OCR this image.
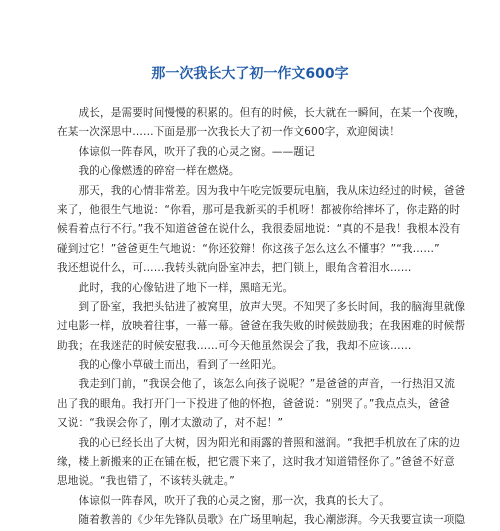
那一次我长大了初一作文600字
　　成长，是需要时间慢慢的积累的。但有的时候，长大就在一瞬间，在某一个夜晚，
在某一次深思中……下面是那一次我长大了初一作文600字，欢迎阅读！
　　体谅似一阵春风，吹开了我的心灵之窗。——题记
　　我的心像燃透的碎窑一样在燃烧。
　　那天，我的心情非常差。因为我中午吃完饭要玩电脑，我从床边经过的时候，爸爸
来了，他很生气地说：“你看，那可是我新买的手机呀！都被你给摔坏了，你走路的时
候看着点行不行。”我不知道爸爸在说什么，我很委屈地说：“真的不是我！我根本没有
碰到过它！”爸爸更生气地说：“你还狡辩！你这孩子怎么这么不懂事？”“我……”
我还想说什么，可……我转头就向卧室冲去，把门锁上，眼角含着泪水……
　　此时，我的心像钻进了地下一样，黑暗无光。
　　到了卧室，我把头钻进了被窝里，放声大哭。不知哭了多长时间，我的脑海里就像
过电影一样，放映着往事，一幕一幕。爸爸在我失败的时候鼓励我；在我困难的时候帮
助我；在我迷茫的时候安慰我……可今天他虽然误会了我，我却不应该……
　　我的心像小草破土而出，看到了一丝阳光。
　　我走到门前，“我误会他了，该怎么向孩子说呢？”是爸爸的声音，一行热泪又流
出了我的眼角。我打开门一下投进了他的怀抱，爸爸说：“别哭了。”我点点头，爸爸
又说：“我误会你了，刚才太激动了，对不起！”
　　我的心已经长出了大树，因为阳光和雨露的普照和滋润。“我把手机放在了床的边
缘，楼上新搬来的正在铺在板，把它震下来了，这时我才知道错怪你了。”爸爸不好意
思地说。“我也错了，不该转头就走。”
　　体谅似一阵春风，吹开了我的心灵之窗，那一次，我真的长大了。
　　随着教善的《少年先锋队员歌》在广场里响起，我心潮澎湃。今天我要宣读一项隐
